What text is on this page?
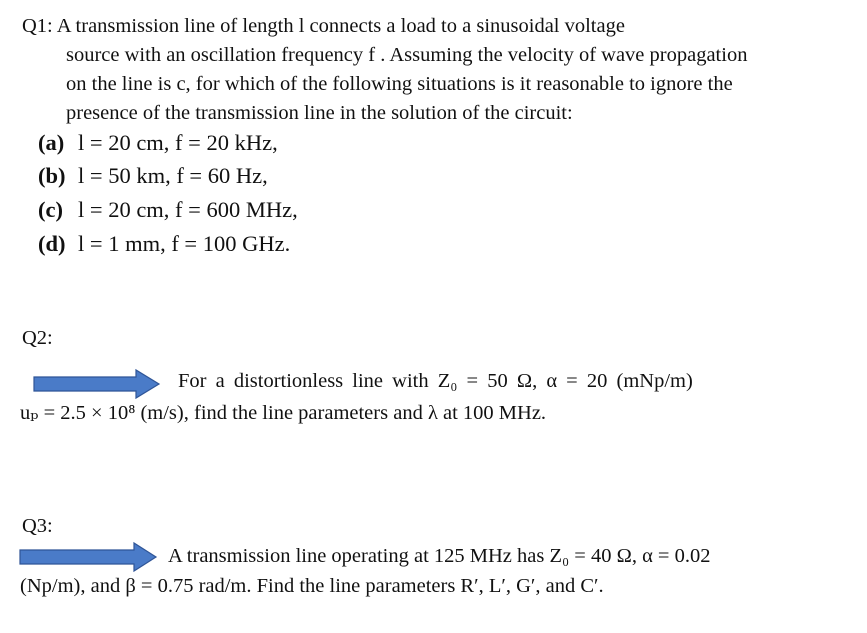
Q1: A transmission line of length l connects a load to a sinusoidal voltage
source with an oscillation frequency f . Assuming the velocity of wave propagation
on the line is c, for which of the following situations is it reasonable to ignore the
presence of the transmission line in the solution of the circuit:
(a) l = 20 cm, f = 20 kHz,
(b) l = 50 km, f = 60 Hz,
(c) l = 20 cm, f = 600 MHz,
(d) l = 1 mm, f = 100 GHz.
Q2:
For a distortionless line with Z₀ = 50 Ω, α = 20 (mNp/m)
uₚ = 2.5 × 10⁸ (m/s), find the line parameters and λ at 100 MHz.
Q3:
A transmission line operating at 125 MHz has Z₀ = 40 Ω, α = 0.02
(Np/m), and β = 0.75 rad/m. Find the line parameters R′, L′, G′, and C′.
